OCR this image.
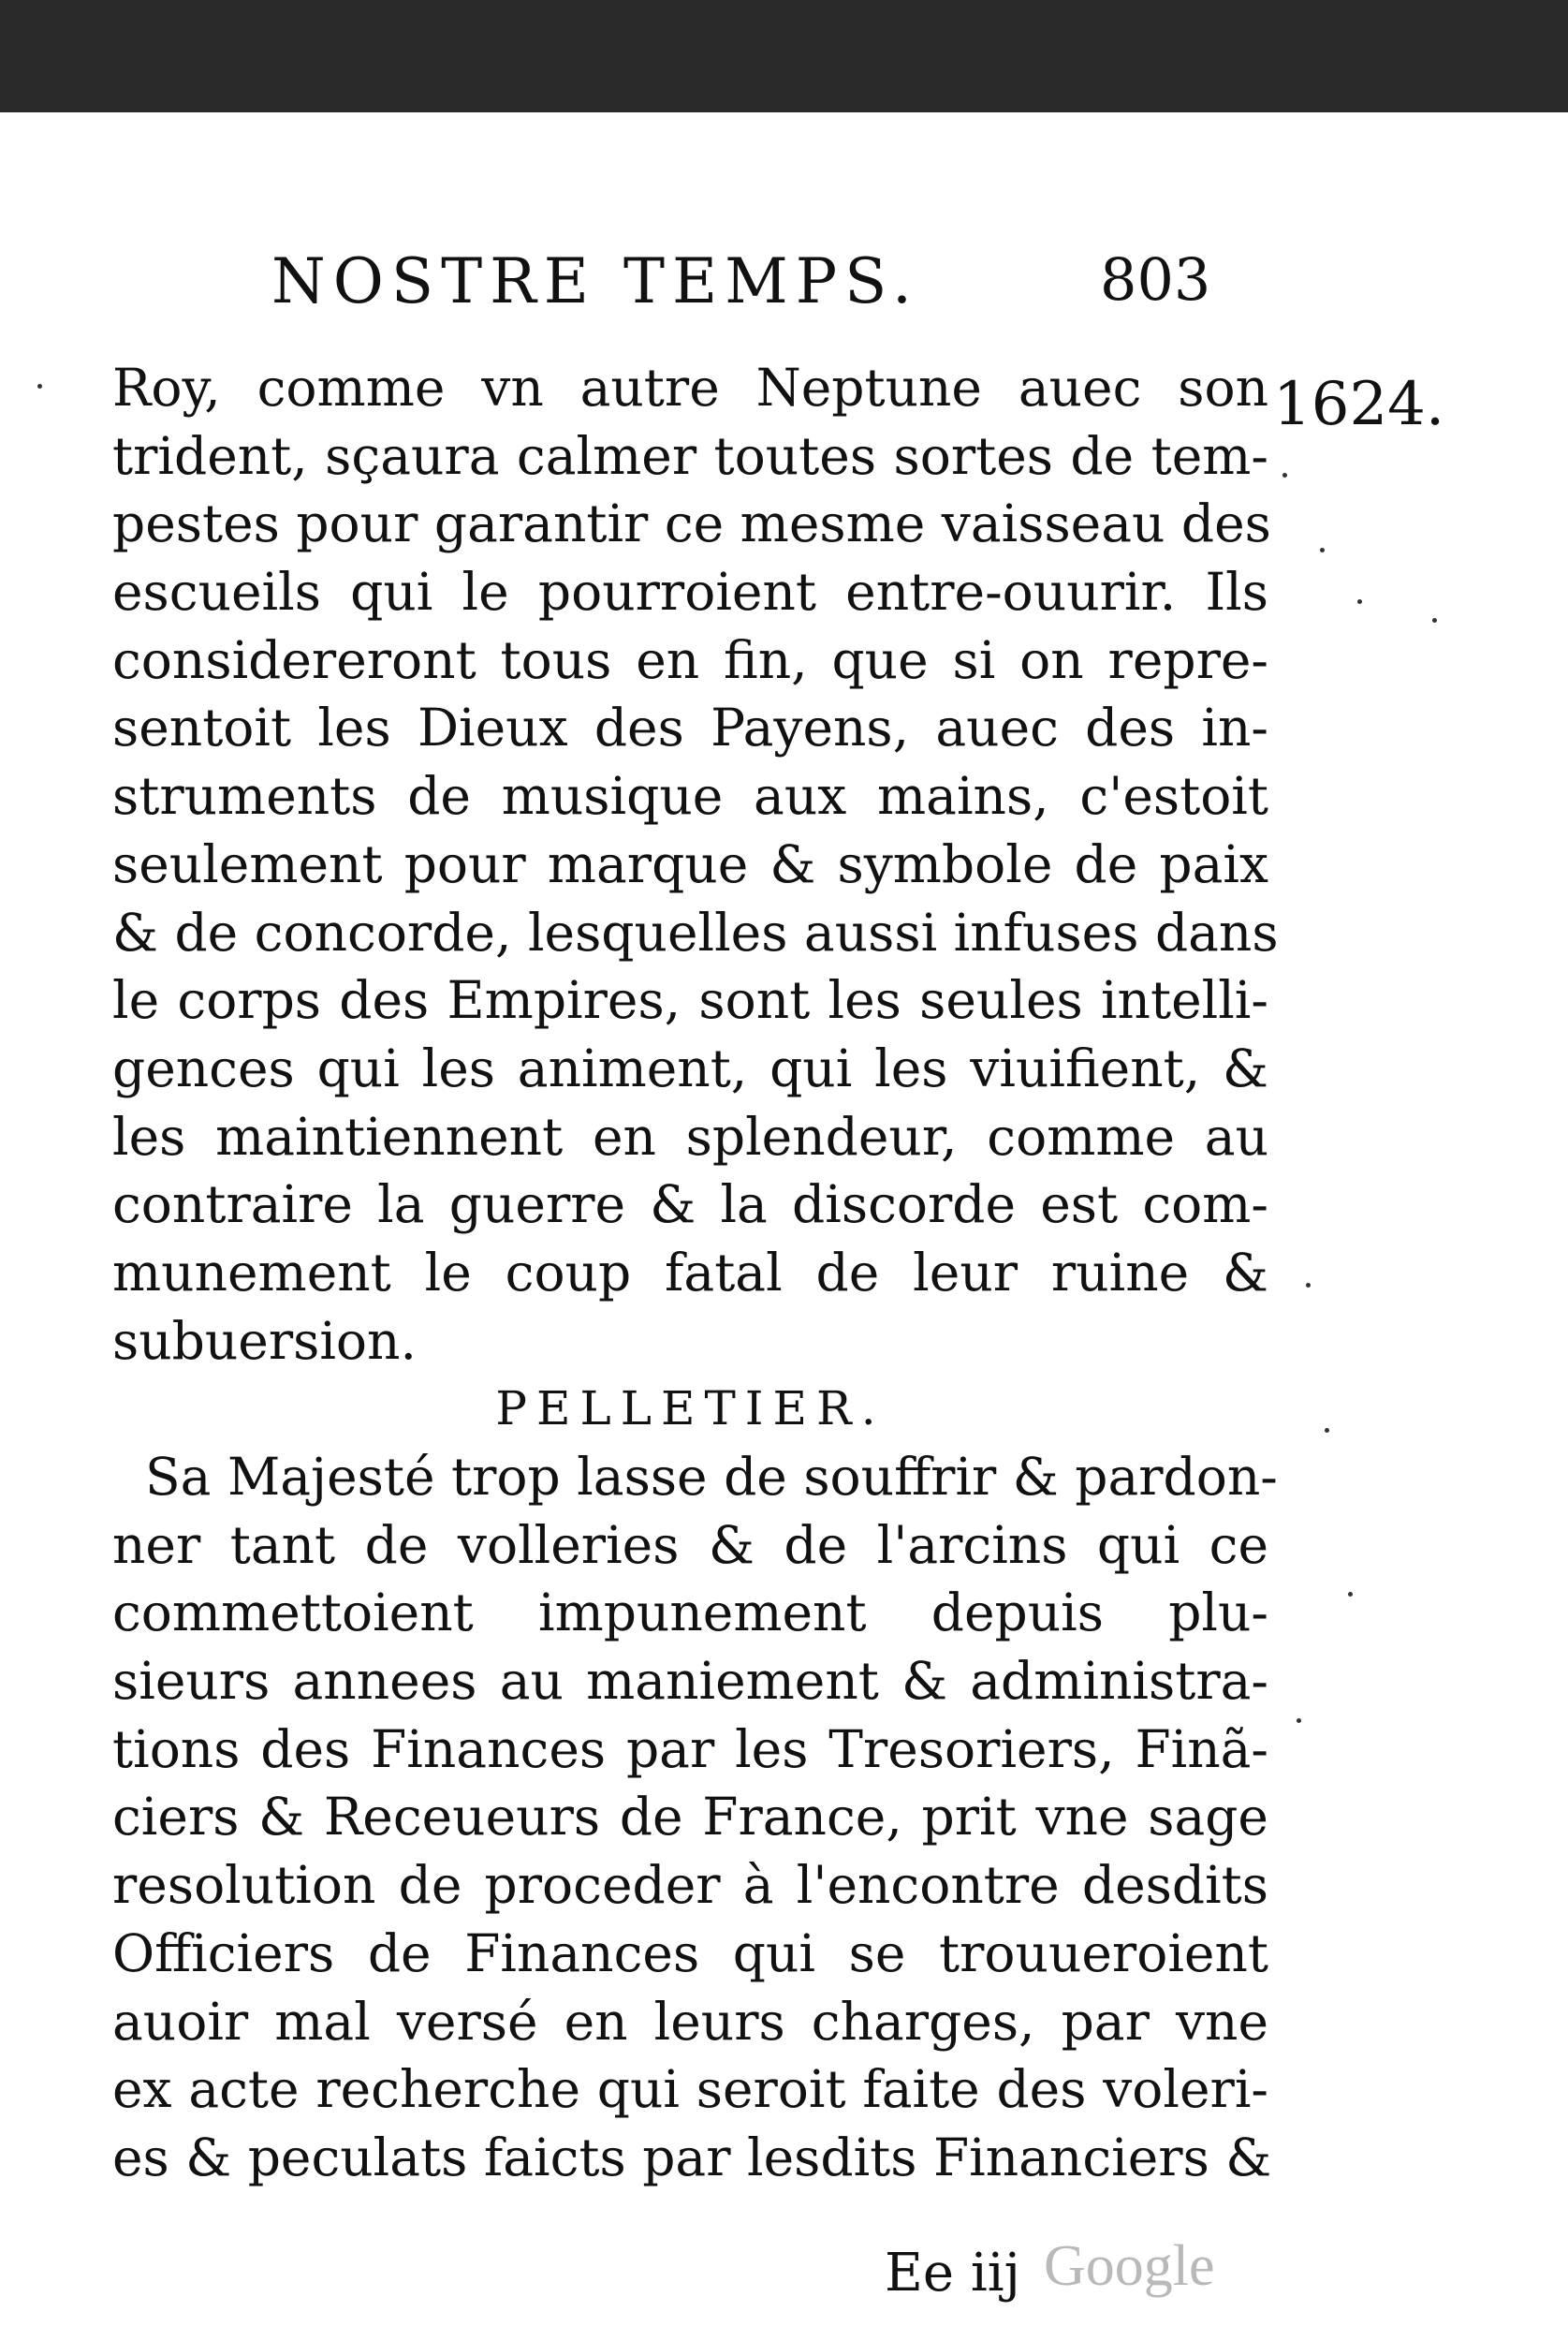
NOSTRE TEMPS.	803
1624.
Roy, comme vn autre Neptune auec son
trident, sçaura calmer toutes sortes de tem-
pestes pour garantir ce mesme vaisseau des
escueils qui le pourroient entre-ouurir. Ils
considereront tous en fin, que si on repre-
sentoit les Dieux des Payens, auec des in-
struments de musique aux mains, c'estoit
seulement pour marque & symbole de paix
& de concorde, lesquelles aussi infuses dans
le corps des Empires, sont les seules intelli-
gences qui les animent, qui les viuifient, &
les maintiennent en splendeur, comme au
contraire la guerre & la discorde est com-
munement le coup fatal de leur ruine &
subuersion.
PELLETIER.
Sa Majesté trop lasse de souffrir & pardon-
ner tant de volleries & de l'arcins qui ce
commettoient impunement depuis plu-
sieurs annees au maniement & administra-
tions des Finances par les Tresoriers, Finã-
ciers & Receueurs de France, prit vne sage
resolution de proceder à l'encontre desdits
Officiers de Finances qui se trouueroient
auoir mal versé en leurs charges, par vne
ex acte recherche qui seroit faite des voleri-
es & peculats faicts par lesdits Financiers &
Ee iij Google
